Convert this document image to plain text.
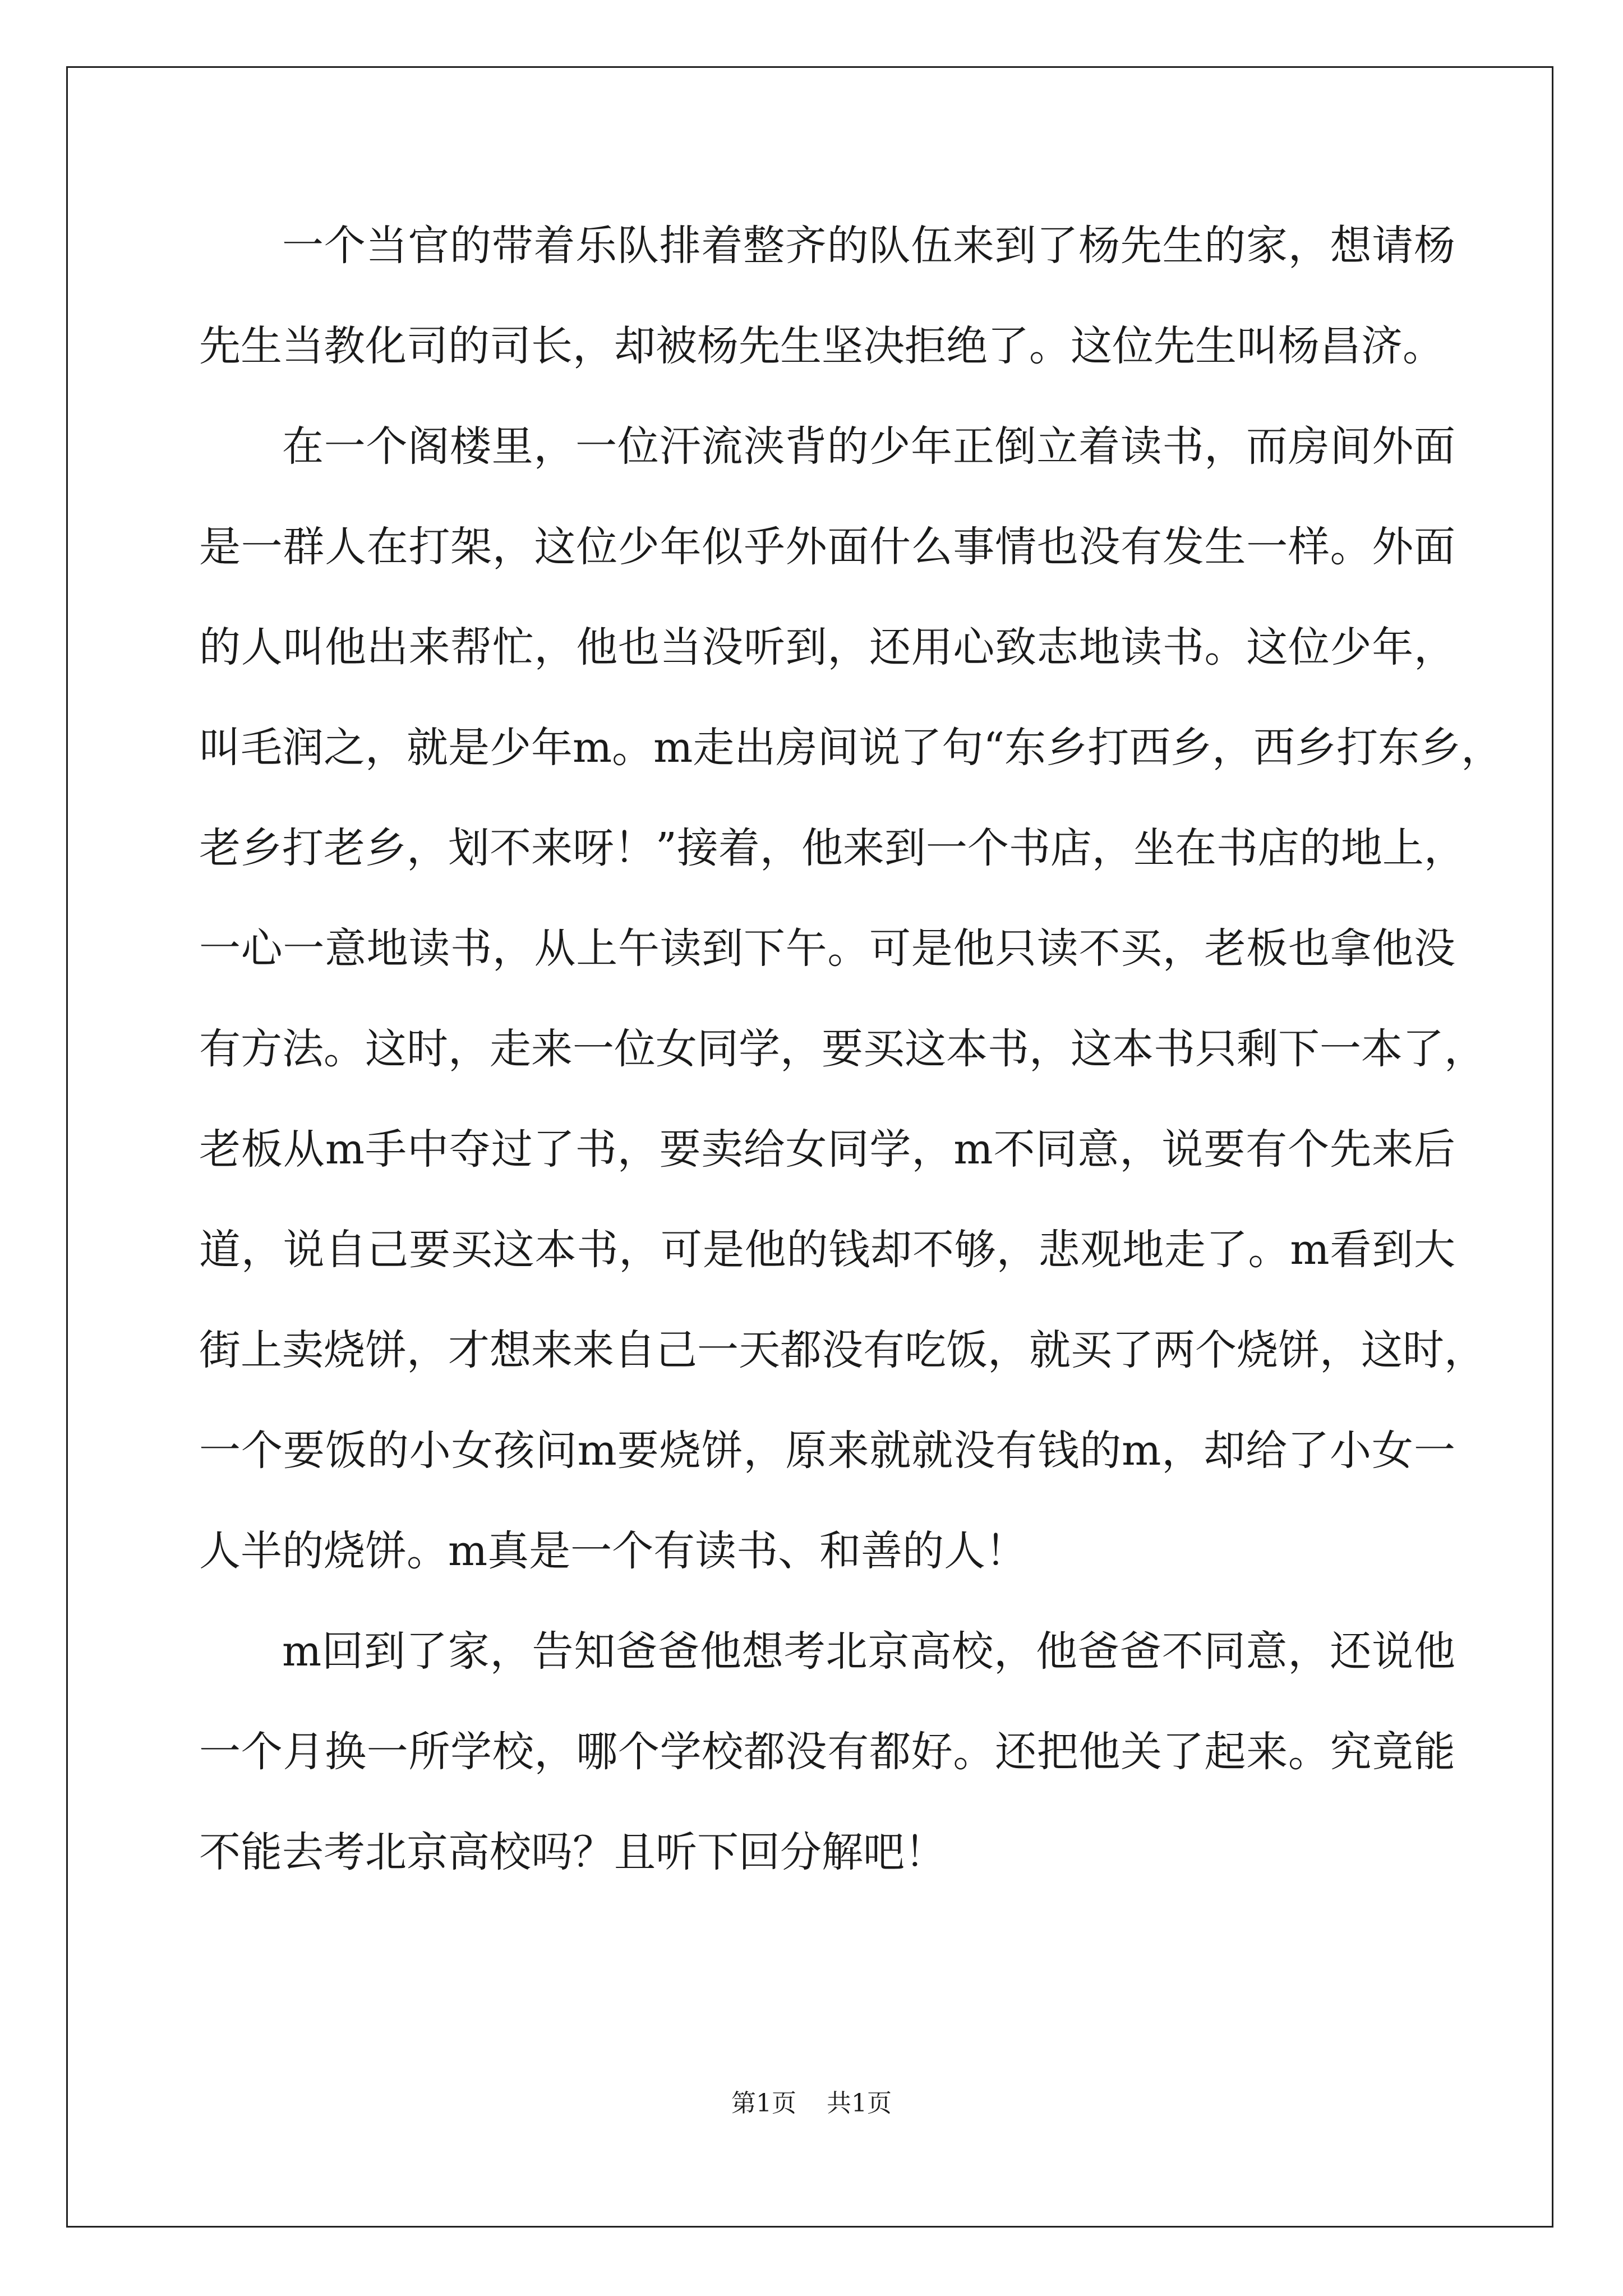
一个当官的带着乐队排着整齐的队伍来到了杨先生的家，想请杨
先生当教化司的司长，却被杨先生坚决拒绝了。这位先生叫杨昌济。
在一个阁楼里，一位汗流浃背的少年正倒立着读书，而房间外面
是一群人在打架，这位少年似乎外面什么事情也没有发生一样。外面
的人叫他出来帮忙，他也当没听到，还用心致志地读书。这位少年，
叫毛润之，就是少年m。m走出房间说了句“东乡打西乡，西乡打东乡，
老乡打老乡，划不来呀！”接着，他来到一个书店，坐在书店的地上，
一心一意地读书，从上午读到下午。可是他只读不买，老板也拿他没
有方法。这时，走来一位女同学，要买这本书，这本书只剩下一本了，
老板从m手中夺过了书，要卖给女同学，m不同意，说要有个先来后
道，说自己要买这本书，可是他的钱却不够，悲观地走了。m看到大
街上卖烧饼，才想来来自己一天都没有吃饭，就买了两个烧饼，这时，
一个要饭的小女孩问m要烧饼，原来就就没有钱的m，却给了小女一
人半的烧饼。m真是一个有读书、和善的人！
m回到了家，告知爸爸他想考北京高校，他爸爸不同意，还说他
一个月换一所学校，哪个学校都没有都好。还把他关了起来。究竟能
不能去考北京高校吗？且听下回分解吧！
第1页 共1页
